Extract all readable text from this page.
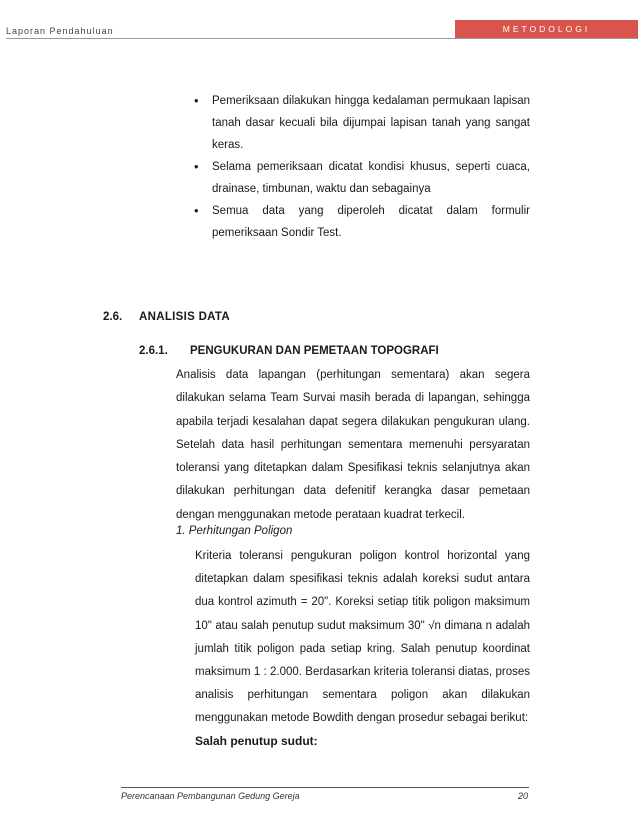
Laporan Pendahuluan	METODOLOGI
• Pemeriksaan dilakukan hingga kedalaman permukaan lapisan
tanah dasar kecuali bila dijumpai lapisan tanah yang sangat
keras.
• Selama pemeriksaan dicatat kondisi khusus, seperti cuaca,
drainase, timbunan, waktu dan sebagainya
• Semua data yang diperoleh dicatat dalam formulir
pemeriksaan Sondir Test.
2.6. ANALISIS DATA
2.6.1. PENGUKURAN DAN PEMETAAN TOPOGRAFI
Analisis data lapangan (perhitungan sementara) akan segera
dilakukan selama Team Survai masih berada di lapangan, sehingga
apabila terjadi kesalahan dapat segera dilakukan pengukuran ulang.
Setelah data hasil perhitungan sementara memenuhi persyaratan
toleransi yang ditetapkan dalam Spesifikasi teknis selanjutnya akan
dilakukan perhitungan data defenitif kerangka dasar pemetaan
dengan menggunakan metode perataan kuadrat terkecil.
1. Perhitungan Poligon
Kriteria toleransi pengukuran poligon kontrol horizontal yang
ditetapkan dalam spesifikasi teknis adalah koreksi sudut antara
dua kontrol azimuth = 20". Koreksi setiap titik poligon maksimum
10" atau salah penutup sudut maksimum 30" √n dimana n adalah
jumlah titik poligon pada setiap kring. Salah penutup koordinat
maksimum 1 : 2.000. Berdasarkan kriteria toleransi diatas, proses
analisis perhitungan sementara poligon akan dilakukan
menggunakan metode Bowdith dengan prosedur sebagai berikut:
Salah penutup sudut:
Perencanaan Pembangunan Gedung Gereja	20
